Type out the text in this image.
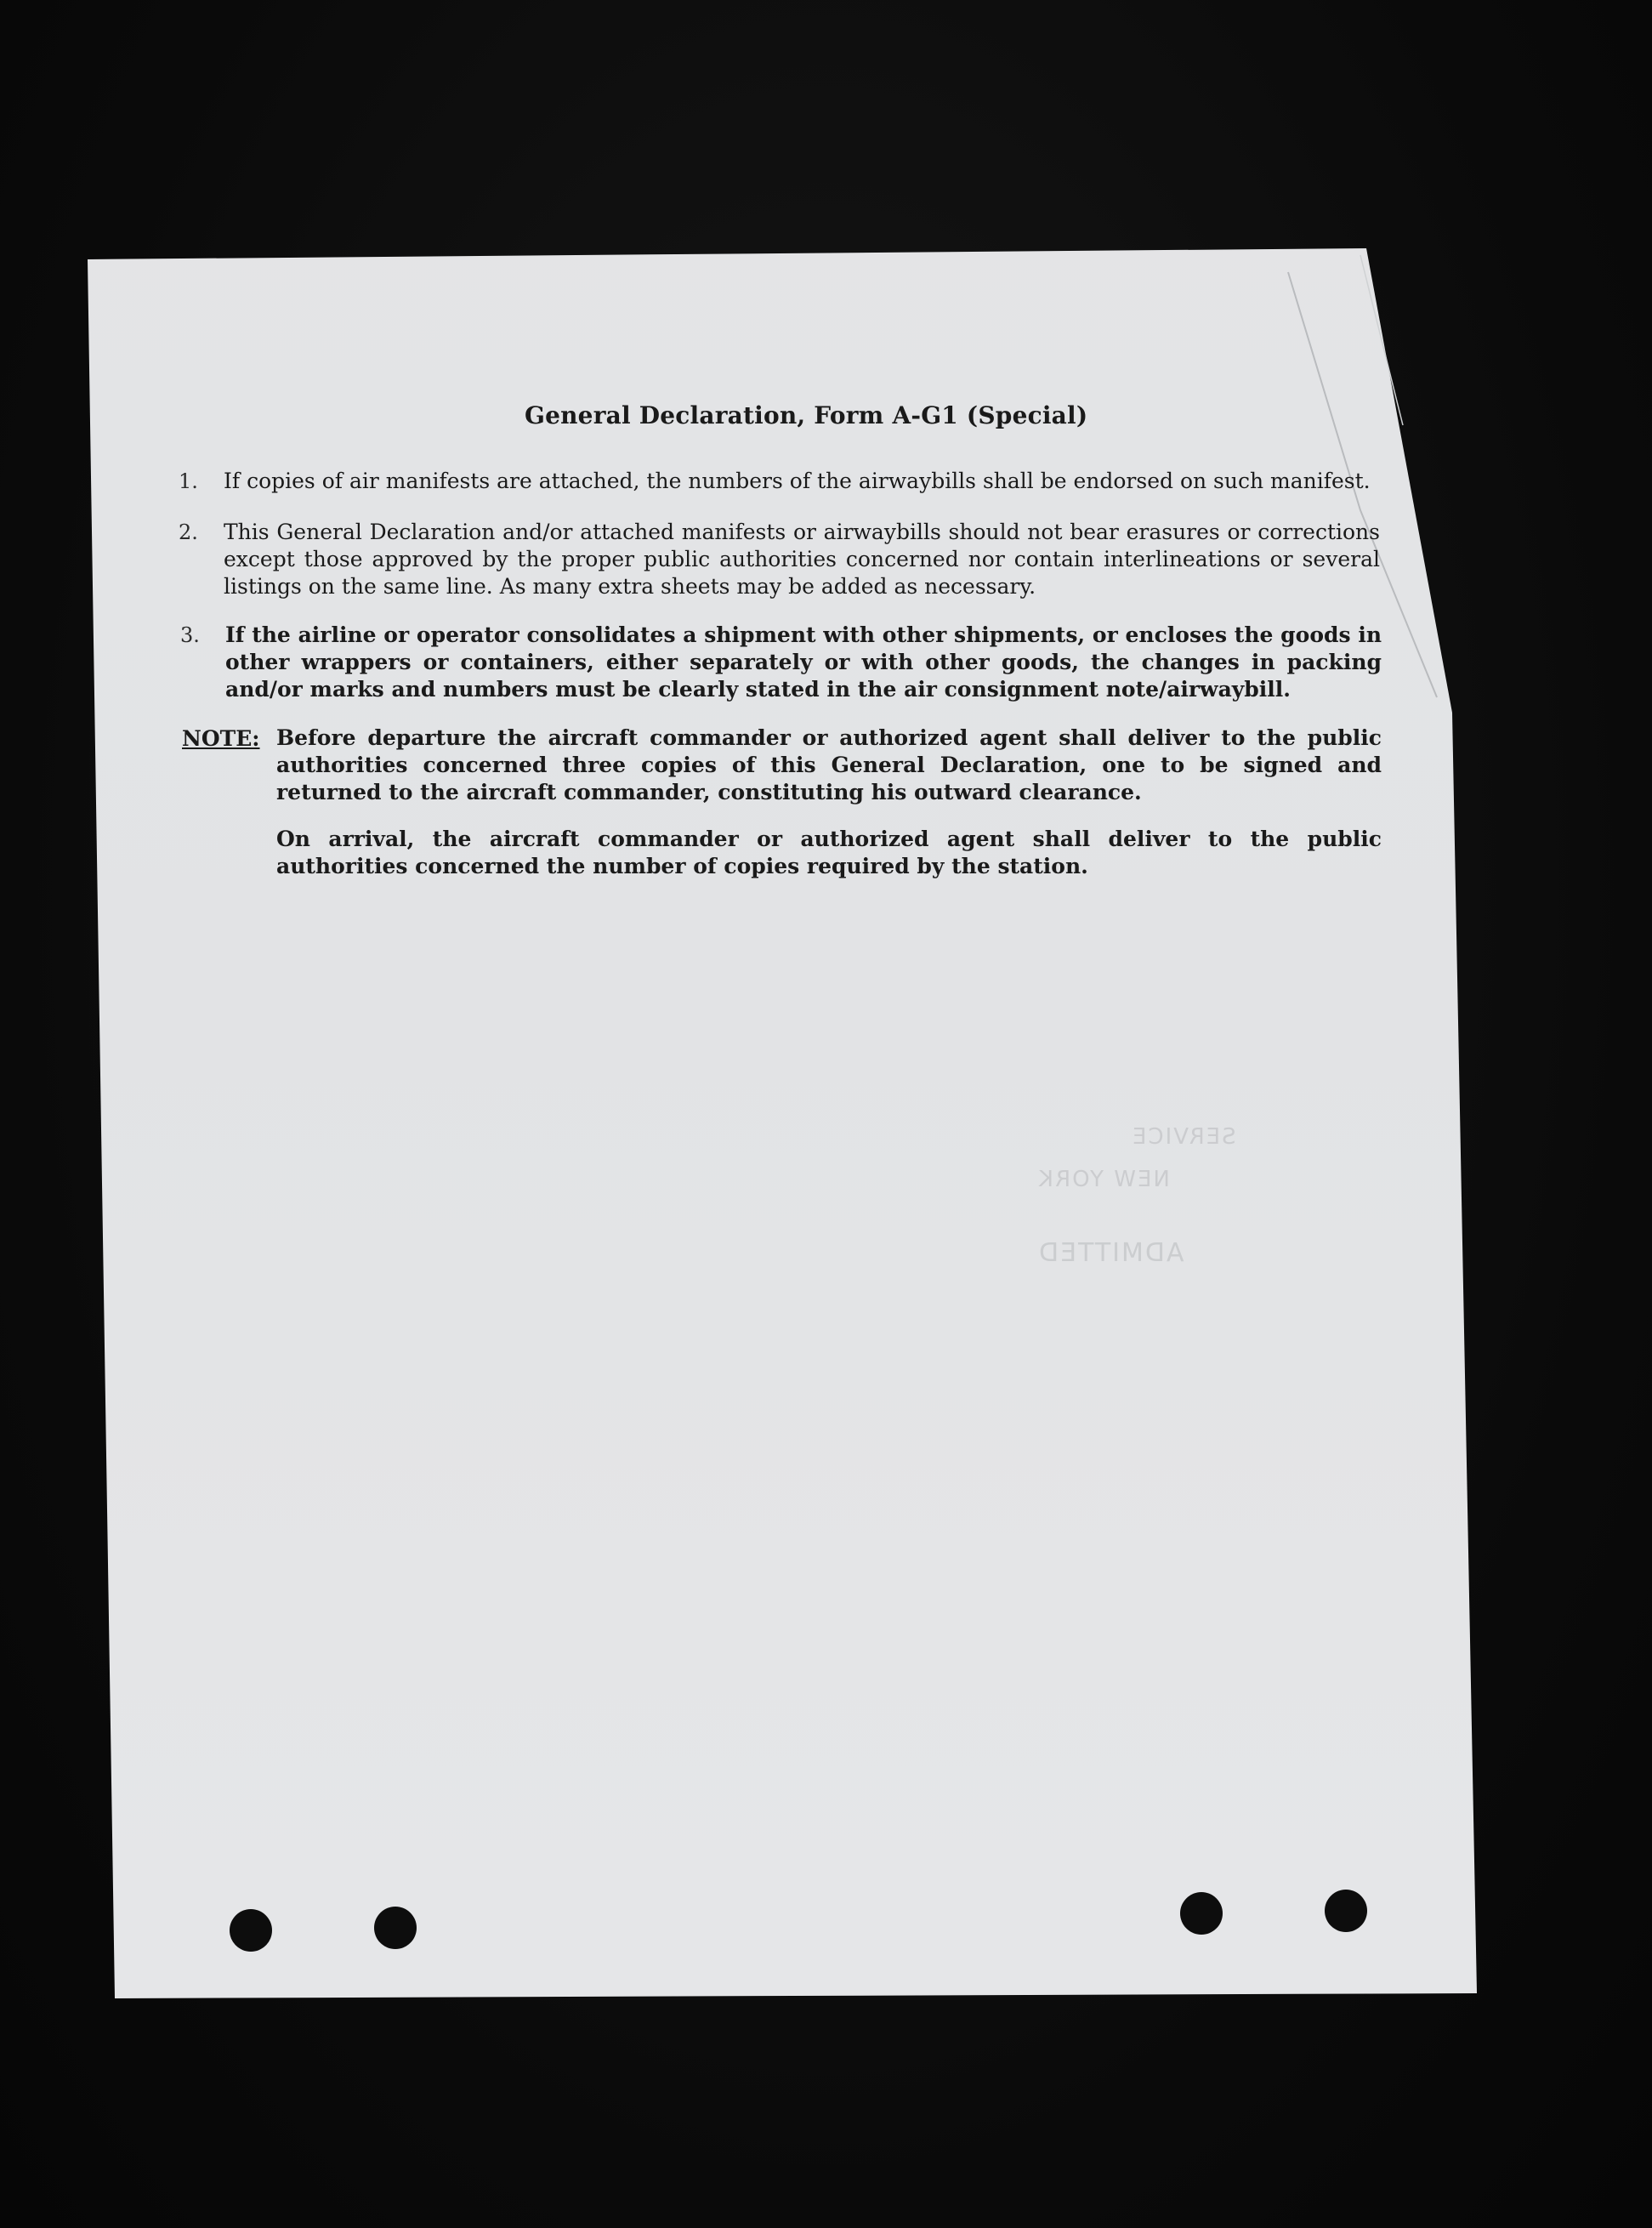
SERVICE
NEW YORK
ADMITTED
General Declaration, Form A-G1 (Special)
1. If copies of air manifests are attached, the numbers of the airwaybills shall be endorsed on such manifest.
2. This General Declaration and/or attached manifests or airwaybills should not bear erasures or corrections except those approved by the proper public authorities concerned nor contain interlineations or several listings on the same line. As many extra sheets may be added as necessary.
3. If the airline or operator consolidates a shipment with other shipments, or encloses the goods in other wrappers or containers, either separately or with other goods, the changes in packing and/or marks and numbers must be clearly stated in the air consignment note/airwaybill.
NOTE: Before departure the aircraft commander or authorized agent shall deliver to the public authorities concerned three copies of this General Declaration, one to be signed and returned to the aircraft commander, constituting his outward clearance.
On arrival, the aircraft commander or authorized agent shall deliver to the public authorities concerned the number of copies required by the station.
